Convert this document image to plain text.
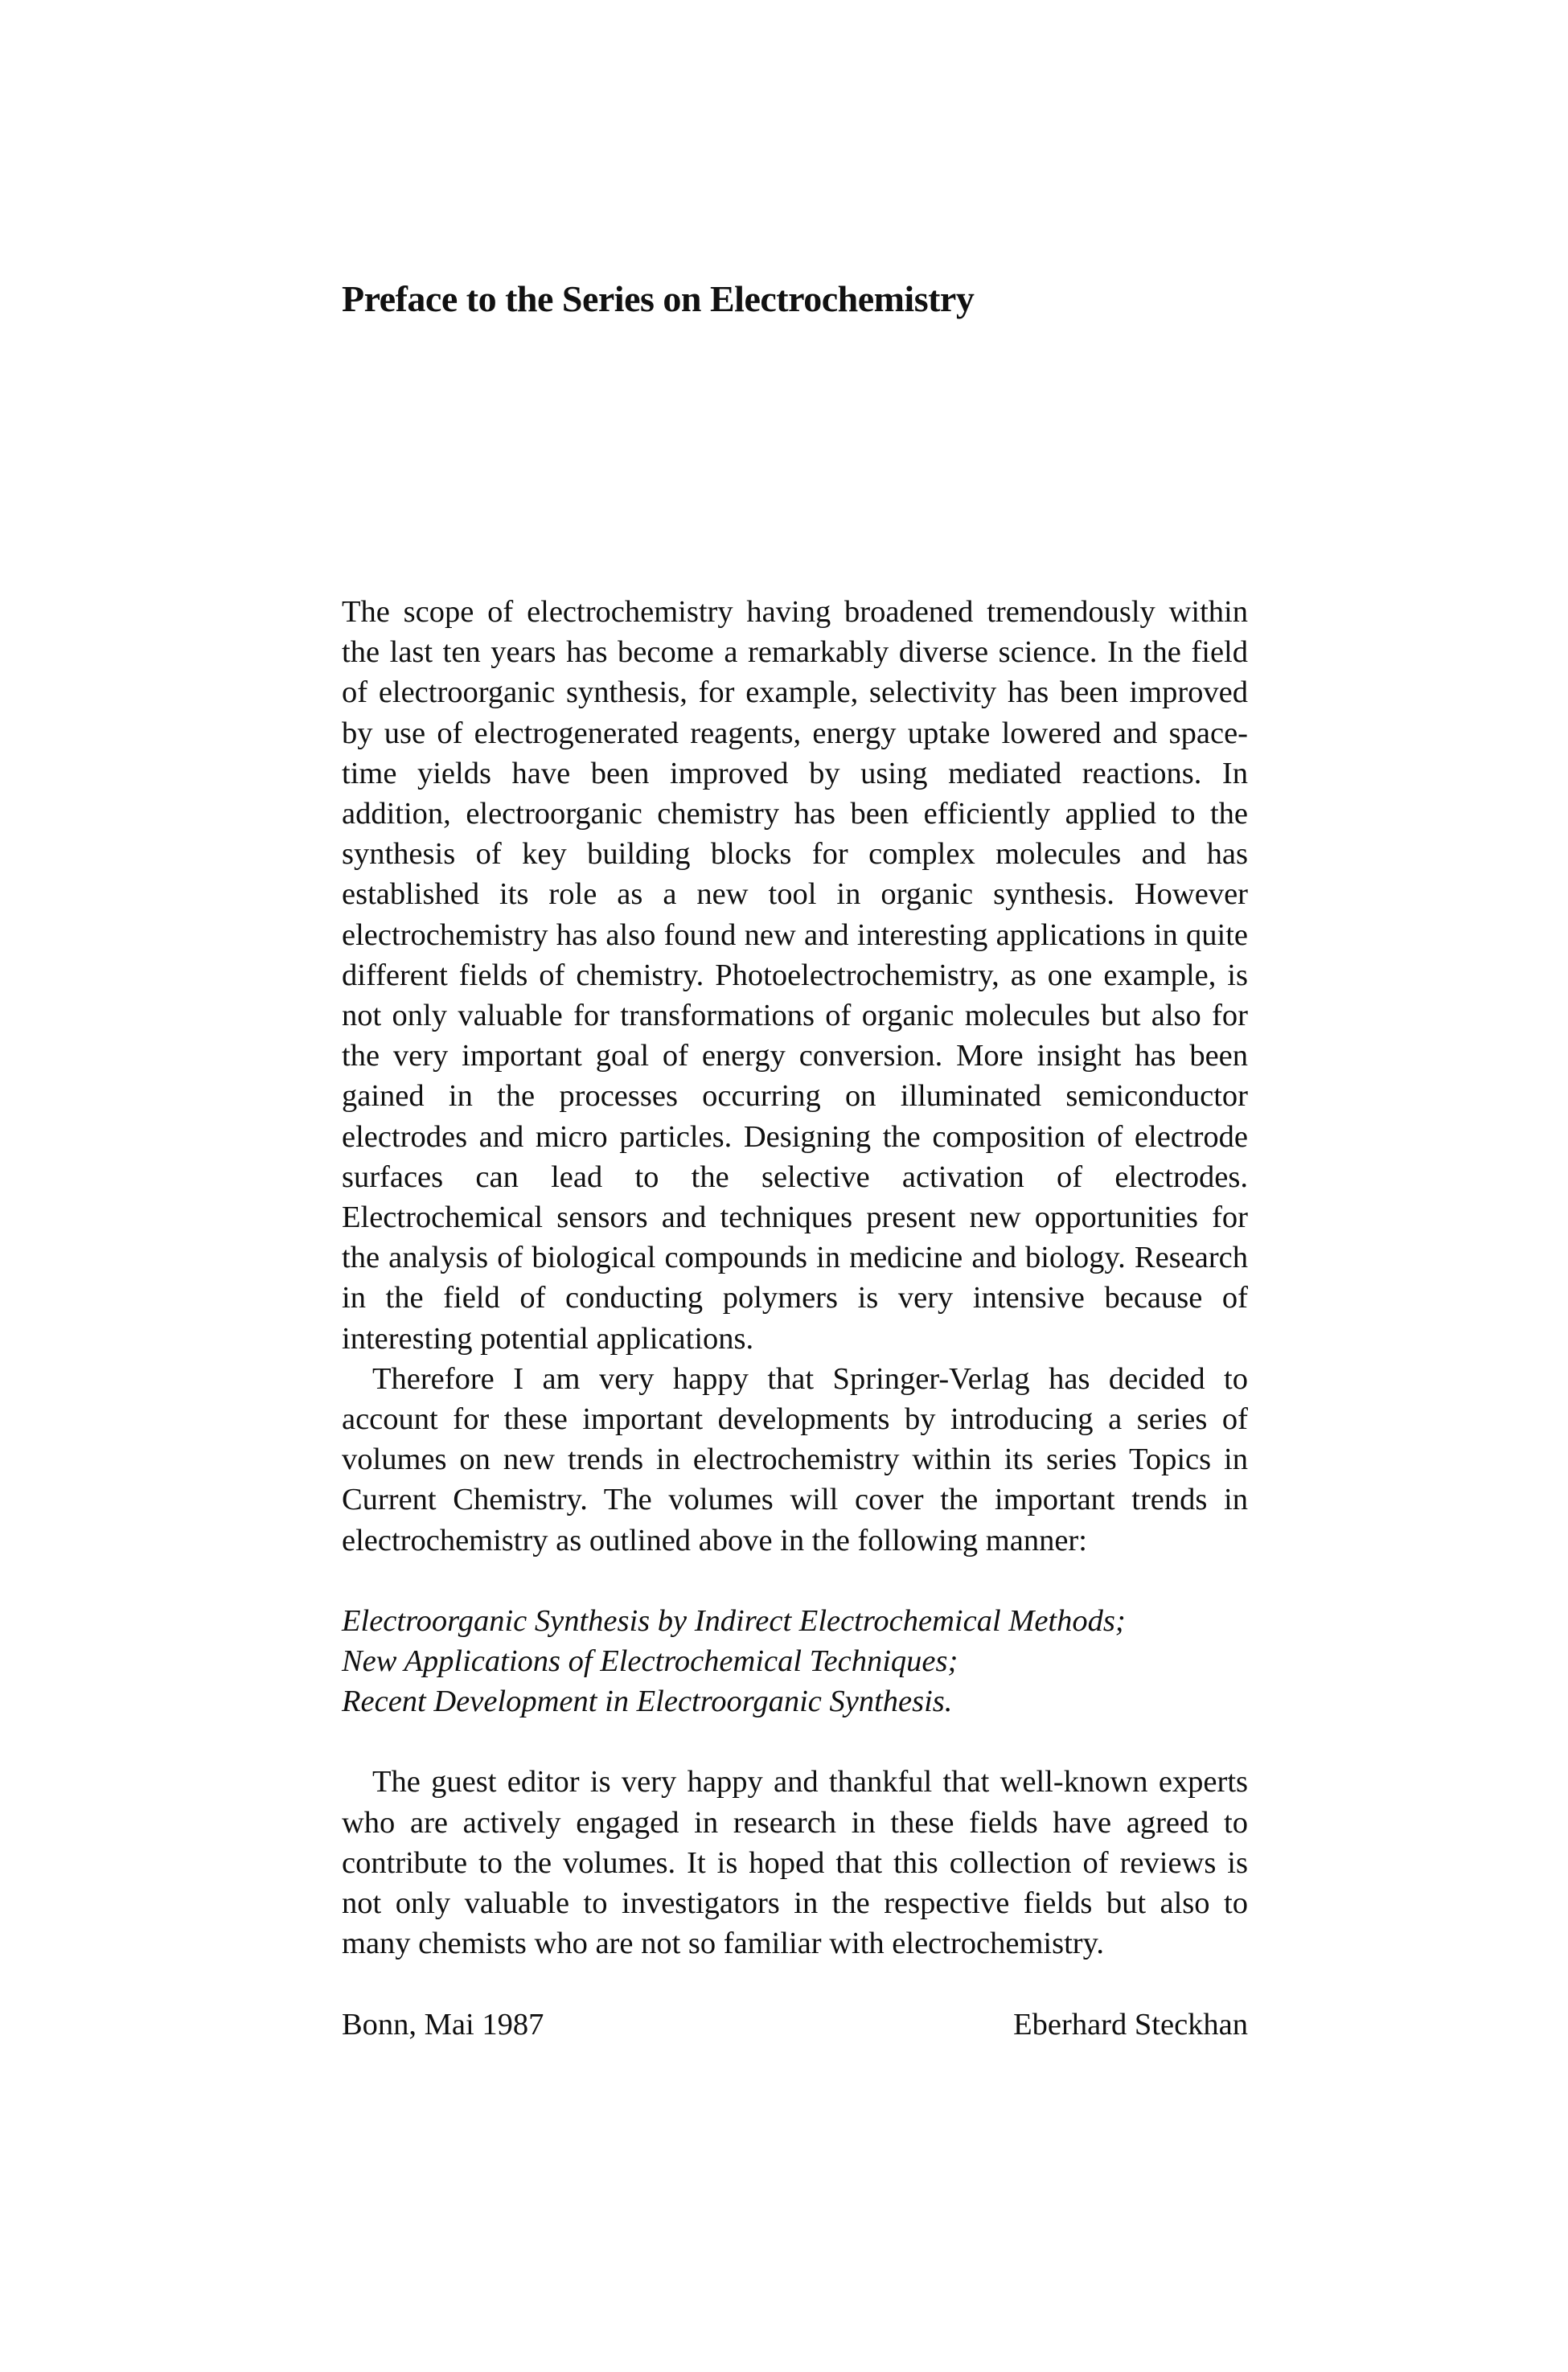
Preface to the Series on Electrochemistry

The scope of electrochemistry having broadened tremendously within the last ten years has become a remarkably diverse science. In the field of electroorganic synthesis, for example, selectivity has been improved by use of electrogenerated reagents, energy uptake lowered and space-time yields have been improved by using mediated reactions. In addition, electroorganic chemistry has been efficiently applied to the synthesis of key building blocks for complex molecules and has established its role as a new tool in organic synthesis. However electrochemistry has also found new and interesting applications in quite different fields of chemistry. Photoelectrochemistry, as one example, is not only valuable for transformations of organic molecules but also for the very important goal of energy conversion. More insight has been gained in the processes occurring on illuminated semiconductor electrodes and micro particles. Designing the composition of electrode surfaces can lead to the selective activation of electrodes. Electrochemical sensors and techniques present new opportunities for the analysis of biological compounds in medicine and biology. Research in the field of conducting polymers is very intensive because of interesting potential applications.

Therefore I am very happy that Springer-Verlag has decided to account for these important developments by introducing a series of volumes on new trends in electrochemistry within its series Topics in Current Chemistry. The volumes will cover the important trends in electrochemistry as outlined above in the following manner:

Electroorganic Synthesis by Indirect Electrochemical Methods;
New Applications of Electrochemical Techniques;
Recent Development in Electroorganic Synthesis.

The guest editor is very happy and thankful that well-known experts who are actively engaged in research in these fields have agreed to contribute to the volumes. It is hoped that this collection of reviews is not only valuable to investigators in the respective fields but also to many chemists who are not so familiar with electrochemistry.

Bonn, Mai 1987	Eberhard Steckhan
